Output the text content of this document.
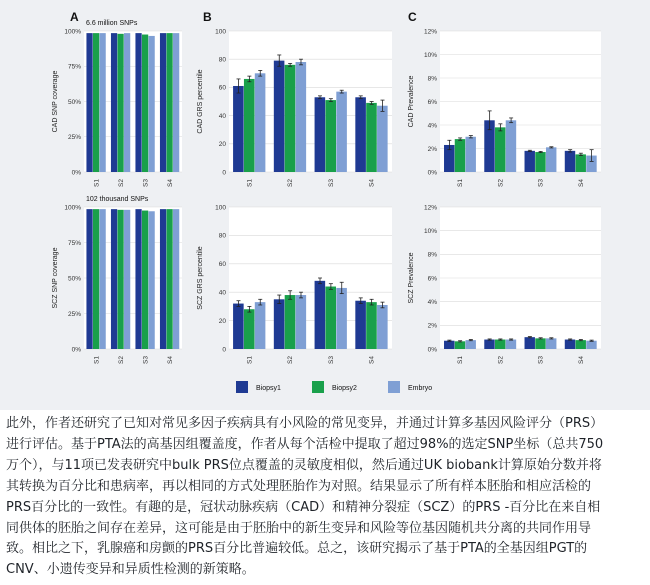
0%
25%
50%
75%
100%
S1	S2	S3	S4
CAD SNP coverage
6.6 million SNPs
A
0
20
40
60
80
100
S1	S2	S3	S4
CAD GRS percentile
B
0%
2%
4%
6%
8%
10%
12%
S1	S2	S3	S4
CAD Prevalence
C
0%
25%
50%
75%
100%
S1	S2	S3	S4
SCZ SNP coverage
102 thousand SNPs
0
20
40
60
80
100
S1	S2	S3	S4
SCZ GRS percentile
0%
2%
4%
6%
8%
10%
12%
S1	S2	S3	S4
SCZ Prevalence
Biopsy1	Biopsy2	Embryo

此外，作者还研究了已知对常见多因子疾病具有小风险的常见变异，并通过计算多基因风险评分（PRS）

进行评估。基于PTA法的高基因组覆盖度，作者从每个活检中提取了超过98%的选定SNP坐标（总共750

万个），与11项已发表研究中bulk PRS位点覆盖的灵敏度相似，然后通过UK biobank计算原始分数并将

其转换为百分比和患病率，再以相同的方式处理胚胎作为对照。结果显示了所有样本胚胎和相应活检的

PRS百分比的一致性。有趣的是，冠状动脉疾病（CAD）和精神分裂症（SCZ）的PRS -百分比在来自相

同供体的胚胎之间存在差异，这可能是由于胚胎中的新生变异和风险等位基因随机共分离的共同作用导

致。相比之下，乳腺癌和房颤的PRS百分比普遍较低。总之，该研究揭示了基于PTA的全基因组PGT的

CNV、小遗传变异和异质性检测的新策略。
